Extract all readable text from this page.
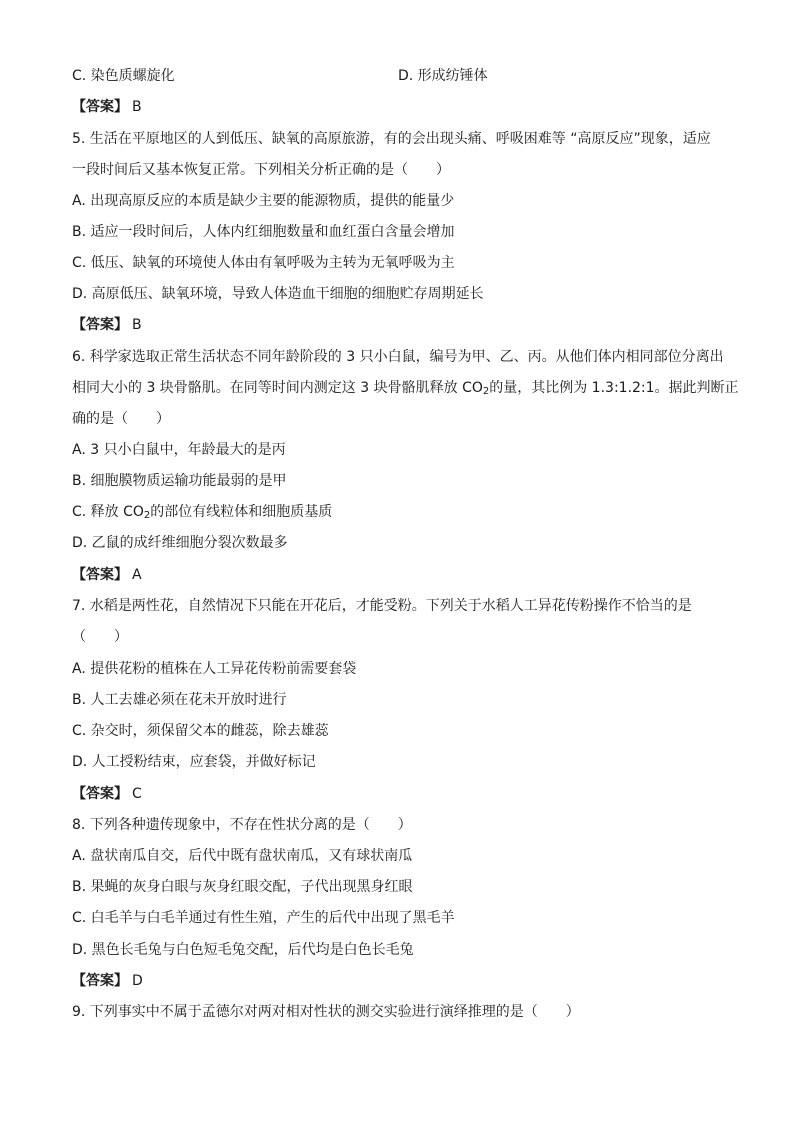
C. 染色质螺旋化	D. 形成纺锤体
【答案】 B
5. 生活在平原地区的人到低压、缺氧的高原旅游，有的会出现头痛、呼吸困难等 “高原反应”现象，适应
一段时间后又基本恢复正常。下列相关分析正确的是（　　）
A. 出现高原反应的本质是缺少主要的能源物质，提供的能量少
B. 适应一段时间后，人体内红细胞数量和血红蛋白含量会增加
C. 低压、缺氧的环境使人体由有氧呼吸为主转为无氧呼吸为主
D. 高原低压、缺氧环境，导致人体造血干细胞的细胞贮存周期延长
【答案】 B
6. 科学家选取正常生活状态不同年龄阶段的 3 只小白鼠，编号为甲、乙、丙。从他们体内相同部位分离出
相同大小的 3 块骨骼肌。在同等时间内测定这 3 块骨骼肌释放 $CO_2$的量，其比例为 1.3:1.2:1。据此判断正
确的是（　　）
A. 3 只小白鼠中，年龄最大的是丙
B. 细胞膜物质运输功能最弱的是甲
C. 释放 $CO_2$的部位有线粒体和细胞质基质
D. 乙鼠的成纤维细胞分裂次数最多
【答案】 A
7. 水稻是两性花，自然情况下只能在开花后，才能受粉。下列关于水稻人工异花传粉操作不恰当的是
（　　）
A. 提供花粉的植株在人工异花传粉前需要套袋
B. 人工去雄必须在花未开放时进行
C. 杂交时，须保留父本的雌蕊，除去雄蕊
D. 人工授粉结束，应套袋，并做好标记
【答案】 C
8. 下列各种遗传现象中，不存在性状分离的是（　　）
A. 盘状南瓜自交，后代中既有盘状南瓜，又有球状南瓜
B. 果蝇的灰身白眼与灰身红眼交配，子代出现黑身红眼
C. 白毛羊与白毛羊通过有性生殖，产生的后代中出现了黑毛羊
D. 黑色长毛兔与白色短毛兔交配，后代均是白色长毛兔
【答案】 D
9. 下列事实中不属于孟德尔对两对相对性状的测交实验进行演绎推理的是（　　）
